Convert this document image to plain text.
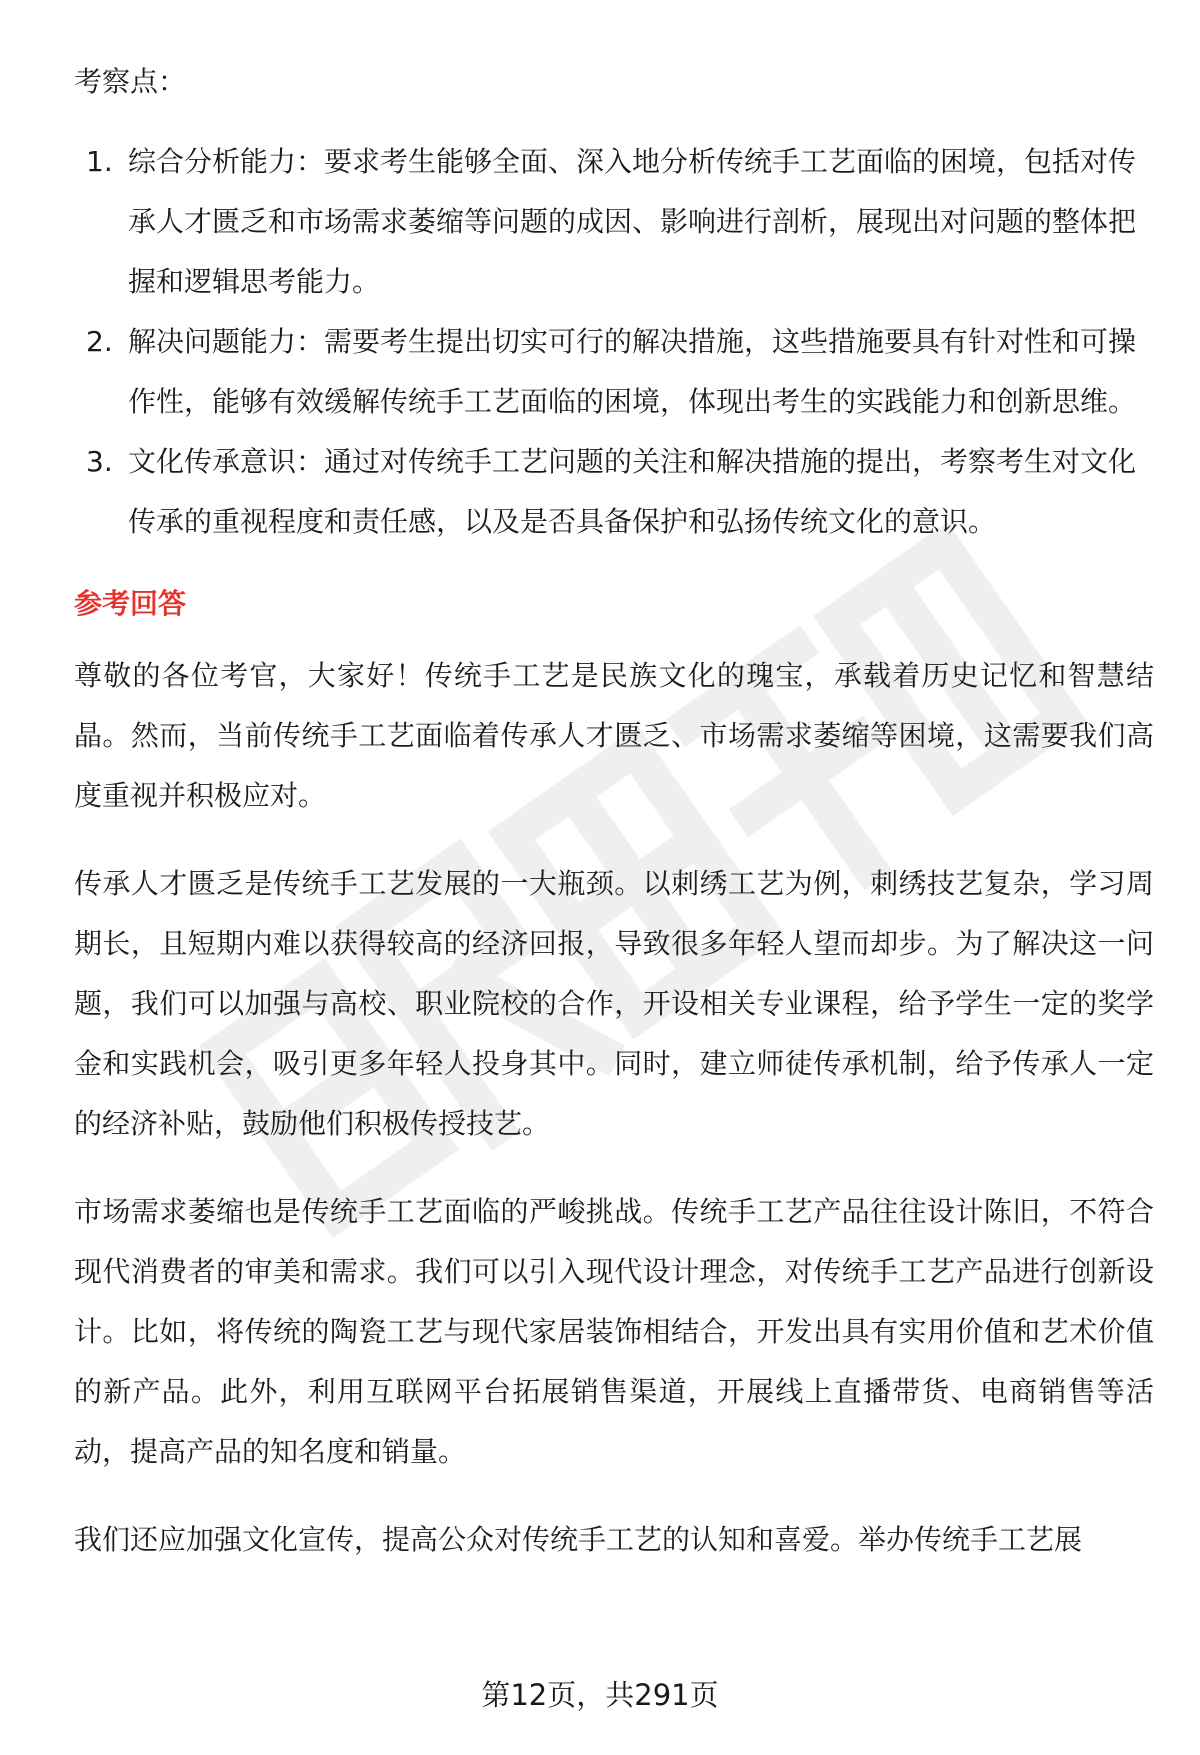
考察点：
1. 综合分析能力：要求考生能够全面、深入地分析传统手工艺面临的困境，包括对传承人才匮乏和市场需求萎缩等问题的成因、影响进行剖析，展现出对问题的整体把握和逻辑思考能力。
2. 解决问题能力：需要考生提出切实可行的解决措施，这些措施要具有针对性和可操作性，能够有效缓解传统手工艺面临的困境，体现出考生的实践能力和创新思维。
3. 文化传承意识：通过对传统手工艺问题的关注和解决措施的提出，考察考生对文化传承的重视程度和责任感，以及是否具备保护和弘扬传统文化的意识。
参考回答

尊敬的各位考官，大家好！传统手工艺是民族文化的瑰宝，承载着历史记忆和智慧结晶。然而，当前传统手工艺面临着传承人才匮乏、市场需求萎缩等困境，这需要我们高度重视并积极应对。

传承人才匮乏是传统手工艺发展的一大瓶颈。以刺绣工艺为例，刺绣技艺复杂，学习周期长，且短期内难以获得较高的经济回报，导致很多年轻人望而却步。为了解决这一问题，我们可以加强与高校、职业院校的合作，开设相关专业课程，给予学生一定的奖学金和实践机会，吸引更多年轻人投身其中。同时，建立师徒传承机制，给予传承人一定的经济补贴，鼓励他们积极传授技艺。

市场需求萎缩也是传统手工艺面临的严峻挑战。传统手工艺产品往往设计陈旧，不符合现代消费者的审美和需求。我们可以引入现代设计理念，对传统手工艺产品进行创新设计。比如，将传统的陶瓷工艺与现代家居装饰相结合，开发出具有实用价值和艺术价值的新产品。此外，利用互联网平台拓展销售渠道，开展线上直播带货、电商销售等活动，提高产品的知名度和销量。

我们还应加强文化宣传，提高公众对传统手工艺的认知和喜爱。举办传统手工艺展

第12页，共291页
